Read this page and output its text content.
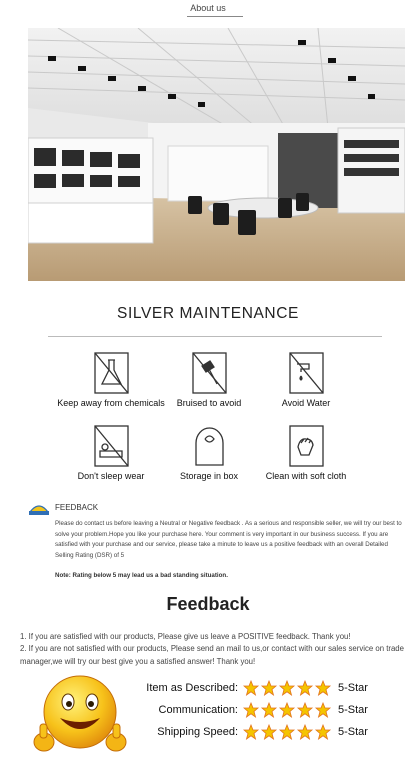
About us
SILVER MAINTENANCE
Keep away from chemicals	Bruised to avoid	Avoid Water
Don't sleep wear	Storage in box	Clean with soft cloth
FEEDBACK
Please do contact us before leaving a Neutral or Negative feedback . As a serious and responsible seller, we will try our best to solve your problem.Hope you like your purchase here. Your comment is very important in our business success. If you are satisfied with your purchase and our service, please take a minute to leave us a positive feedback with an overall Detailed Selling Rating (DSR) of 5
Note: Rating below 5 may lead us a bad standing situation.
Feedback
1. If you are satisfied with our products, Please give us leave a POSITIVE feedback. Thank you!
2. If you are not satisfied with our products, Please send an mail to us,or contact with our sales service on trade manager,we will try our best give you a satisfied answer! Thank you!
Item as Described:	5-Star
Communication:	5-Star
Shipping Speed:	5-Star
